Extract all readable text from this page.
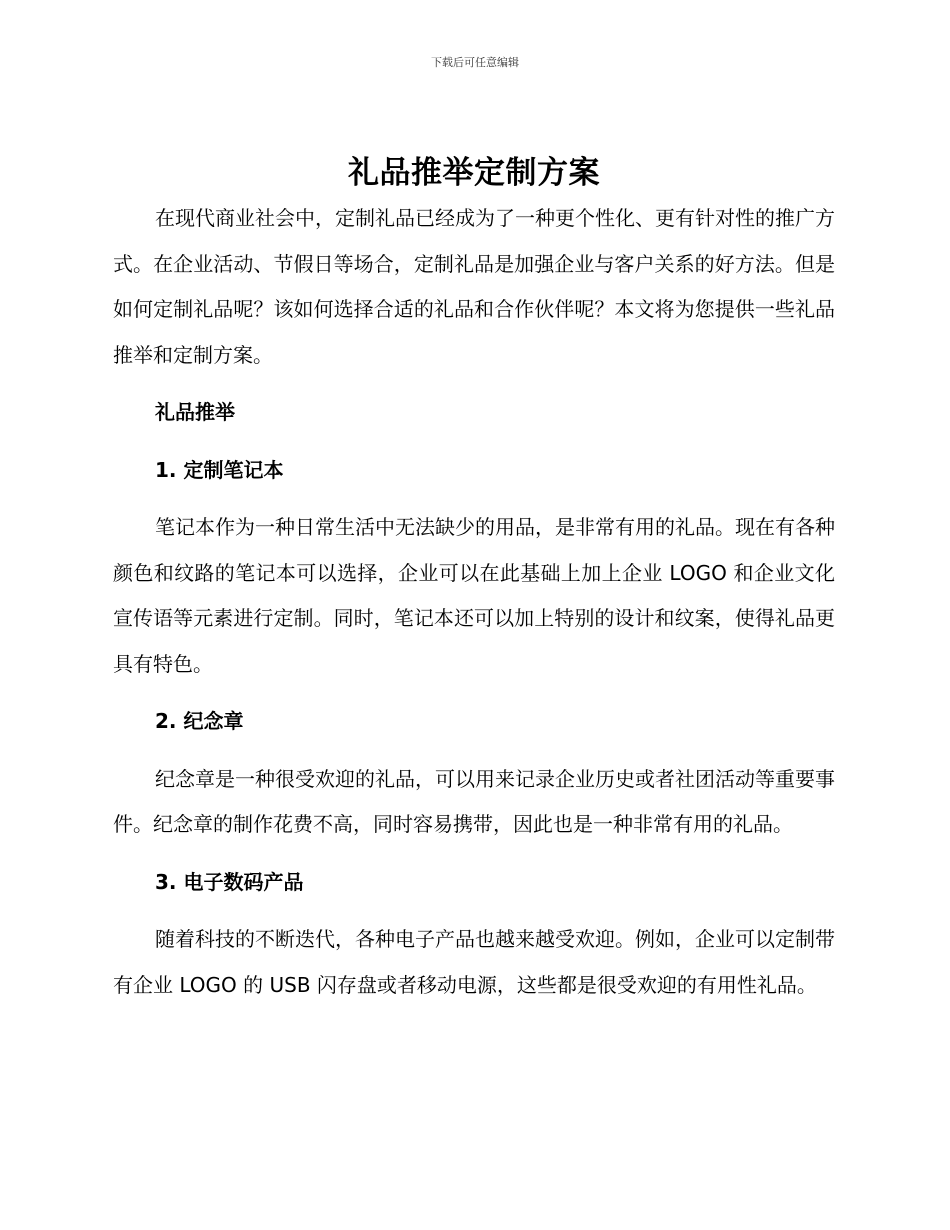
下载后可任意编辑
礼品推举定制方案

在现代商业社会中，定制礼品已经成为了一种更个性化、更有针对性的推广方式。在企业活动、节假日等场合，定制礼品是加强企业与客户关系的好方法。但是如何定制礼品呢？该如何选择合适的礼品和合作伙伴呢？本文将为您提供一些礼品推举和定制方案。

礼品推举

1. 定制笔记本

笔记本作为一种日常生活中无法缺少的用品，是非常有用的礼品。现在有各种颜色和纹路的笔记本可以选择，企业可以在此基础上加上企业 LOGO 和企业文化宣传语等元素进行定制。同时，笔记本还可以加上特别的设计和纹案，使得礼品更具有特色。

2. 纪念章

纪念章是一种很受欢迎的礼品，可以用来记录企业历史或者社团活动等重要事件。纪念章的制作花费不高，同时容易携带，因此也是一种非常有用的礼品。

3. 电子数码产品

随着科技的不断迭代，各种电子产品也越来越受欢迎。例如，企业可以定制带有企业 LOGO 的 USB 闪存盘或者移动电源，这些都是很受欢迎的有用性礼品。
